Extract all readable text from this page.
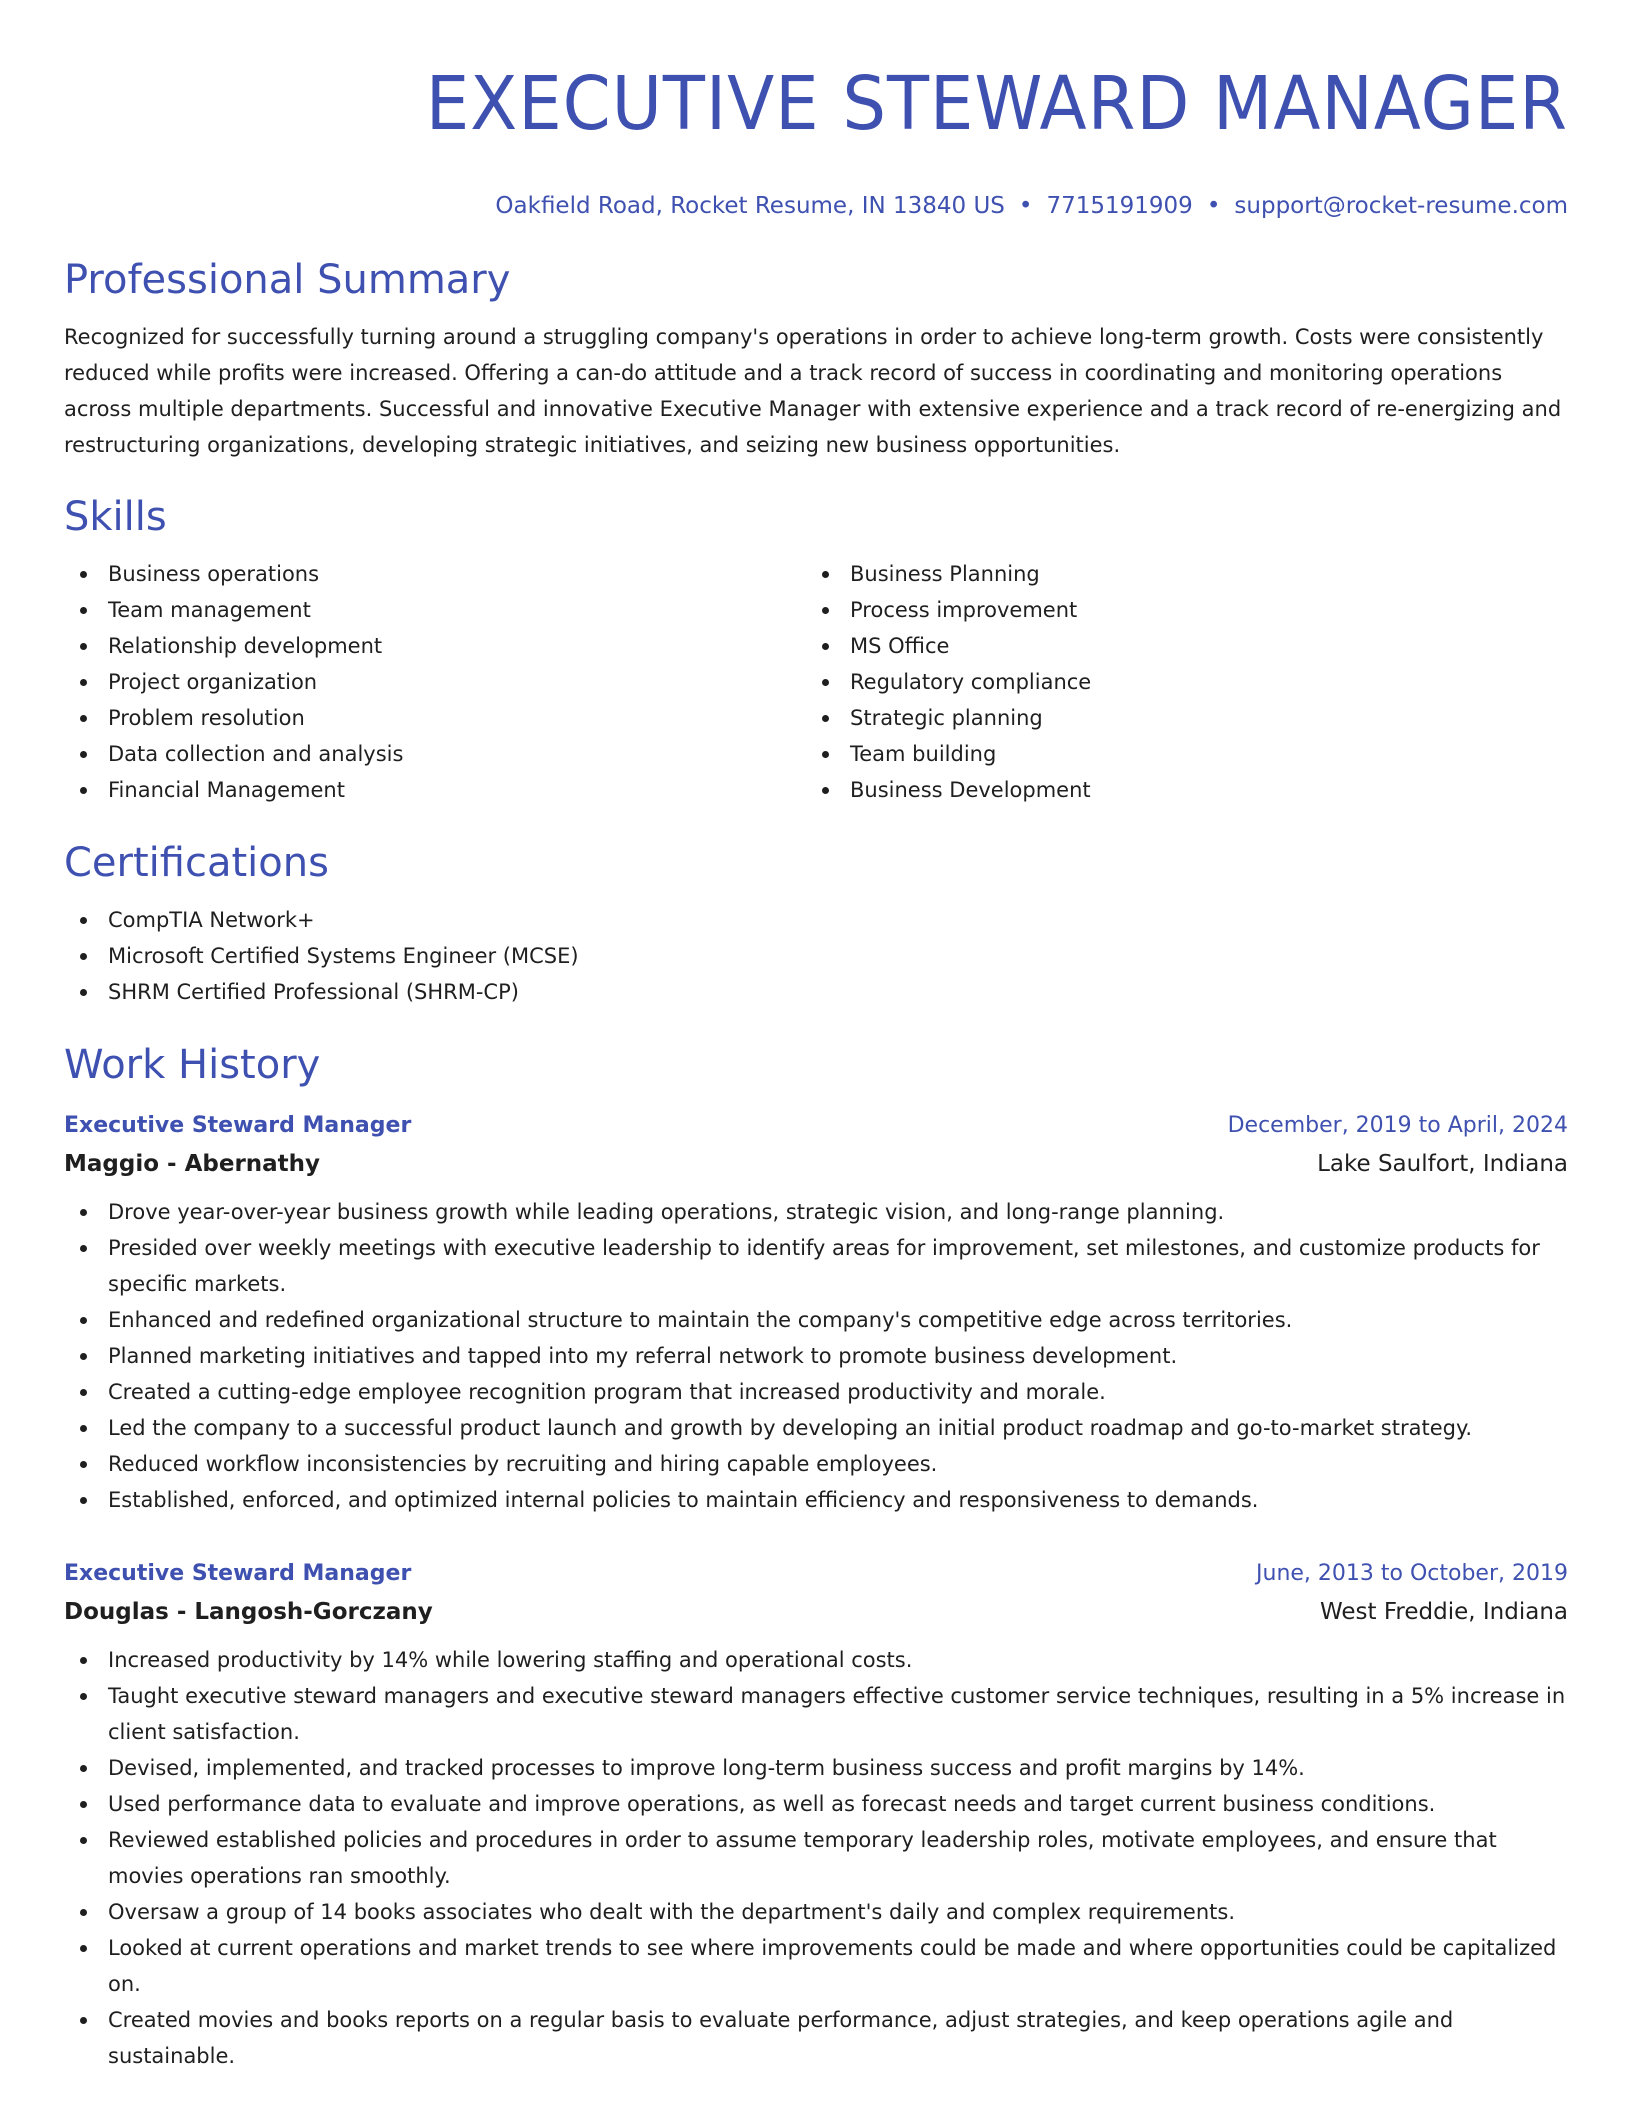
EXECUTIVE STEWARD MANAGER
Oakfield Road, Rocket Resume, IN 13840 US • 7715191909 • support@rocket-resume.com
Professional Summary
Recognized for successfully turning around a struggling company's operations in order to achieve long-term growth. Costs were consistently reduced while profits were increased. Offering a can-do attitude and a track record of success in coordinating and monitoring operations across multiple departments. Successful and innovative Executive Manager with extensive experience and a track record of re-energizing and restructuring organizations, developing strategic initiatives, and seizing new business opportunities.
Skills
Business operations
Team management
Relationship development
Project organization
Problem resolution
Data collection and analysis
Financial Management
Business Planning
Process improvement
MS Office
Regulatory compliance
Strategic planning
Team building
Business Development
Certifications
CompTIA Network+
Microsoft Certified Systems Engineer (MCSE)
SHRM Certified Professional (SHRM-CP)
Work History
Executive Steward Manager	December, 2019 to April, 2024
Maggio - Abernathy	Lake Saulfort, Indiana
Drove year-over-year business growth while leading operations, strategic vision, and long-range planning.
Presided over weekly meetings with executive leadership to identify areas for improvement, set milestones, and customize products for specific markets.
Enhanced and redefined organizational structure to maintain the company's competitive edge across territories.
Planned marketing initiatives and tapped into my referral network to promote business development.
Created a cutting-edge employee recognition program that increased productivity and morale.
Led the company to a successful product launch and growth by developing an initial product roadmap and go-to-market strategy.
Reduced workflow inconsistencies by recruiting and hiring capable employees.
Established, enforced, and optimized internal policies to maintain efficiency and responsiveness to demands.
Executive Steward Manager	June, 2013 to October, 2019
Douglas - Langosh-Gorczany	West Freddie, Indiana
Increased productivity by 14% while lowering staffing and operational costs.
Taught executive steward managers and executive steward managers effective customer service techniques, resulting in a 5% increase in client satisfaction.
Devised, implemented, and tracked processes to improve long-term business success and profit margins by 14%.
Used performance data to evaluate and improve operations, as well as forecast needs and target current business conditions.
Reviewed established policies and procedures in order to assume temporary leadership roles, motivate employees, and ensure that movies operations ran smoothly.
Oversaw a group of 14 books associates who dealt with the department's daily and complex requirements.
Looked at current operations and market trends to see where improvements could be made and where opportunities could be capitalized on.
Created movies and books reports on a regular basis to evaluate performance, adjust strategies, and keep operations agile and sustainable.
